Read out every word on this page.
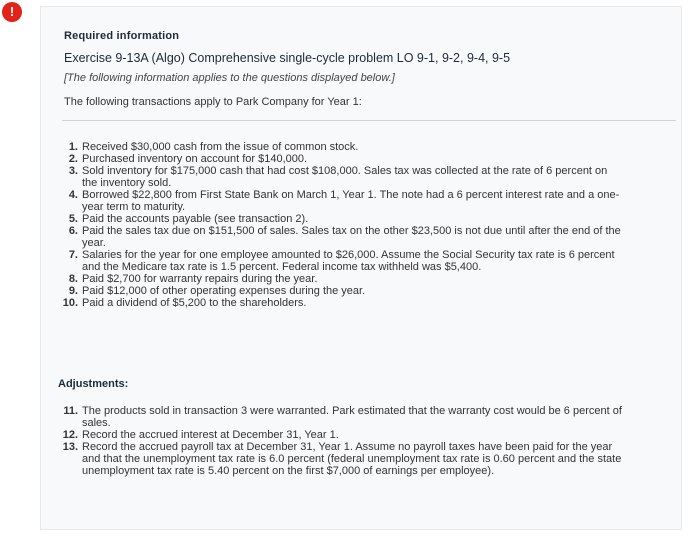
!
Required information
Exercise 9-13A (Algo) Comprehensive single-cycle problem LO 9-1, 9-2, 9-4, 9-5
[The following information applies to the questions displayed below.]
The following transactions apply to Park Company for Year 1:
1. Received $30,000 cash from the issue of common stock.
2. Purchased inventory on account for $140,000.
3. Sold inventory for $175,000 cash that had cost $108,000. Sales tax was collected at the rate of 6 percent on the inventory sold.
4. Borrowed $22,800 from First State Bank on March 1, Year 1. The note had a 6 percent interest rate and a one-year term to maturity.
5. Paid the accounts payable (see transaction 2).
6. Paid the sales tax due on $151,500 of sales. Sales tax on the other $23,500 is not due until after the end of the year.
7. Salaries for the year for one employee amounted to $26,000. Assume the Social Security tax rate is 6 percent and the Medicare tax rate is 1.5 percent. Federal income tax withheld was $5,400.
8. Paid $2,700 for warranty repairs during the year.
9. Paid $12,000 of other operating expenses during the year.
10. Paid a dividend of $5,200 to the shareholders.
Adjustments:
11. The products sold in transaction 3 were warranted. Park estimated that the warranty cost would be 6 percent of sales.
12. Record the accrued interest at December 31, Year 1.
13. Record the accrued payroll tax at December 31, Year 1. Assume no payroll taxes have been paid for the year and that the unemployment tax rate is 6.0 percent (federal unemployment tax rate is 0.60 percent and the state unemployment tax rate is 5.40 percent on the first $7,000 of earnings per employee).
